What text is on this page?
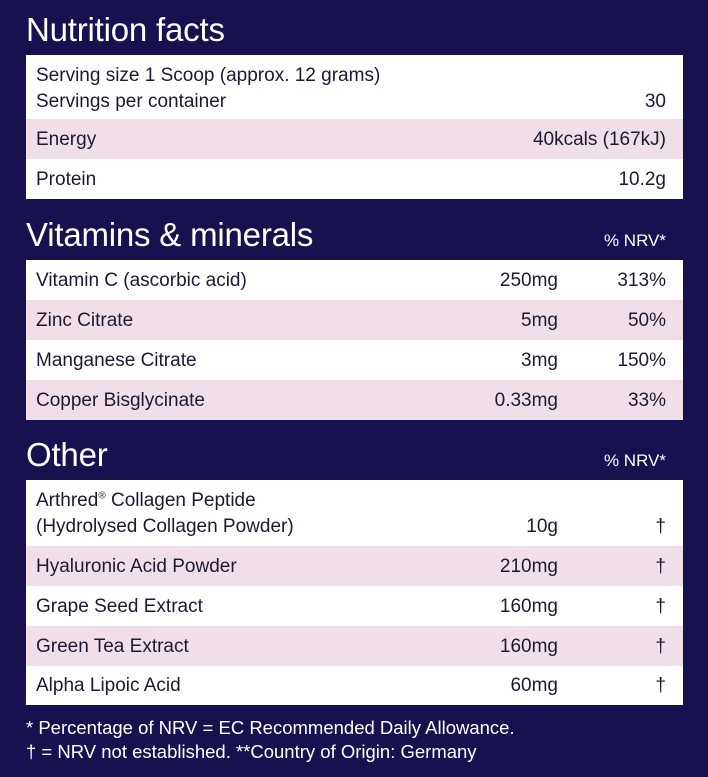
Nutrition facts
Serving size 1 Scoop (approx. 12 grams)
Servings per container	30
Energy	40kcals (167kJ)
Protein	10.2g
Vitamins & minerals	% NRV*
Vitamin C (ascorbic acid)	250mg	313%
Zinc Citrate	5mg	50%
Manganese Citrate	3mg	150%
Copper Bisglycinate	0.33mg	33%
Other	% NRV*
Arthred® Collagen Peptide
(Hydrolysed Collagen Powder)	10g	†
Hyaluronic Acid Powder	210mg	†
Grape Seed Extract	160mg	†
Green Tea Extract	160mg	†
Alpha Lipoic Acid	60mg	†
* Percentage of NRV = EC Recommended Daily Allowance.
† = NRV not established. **Country of Origin: Germany
